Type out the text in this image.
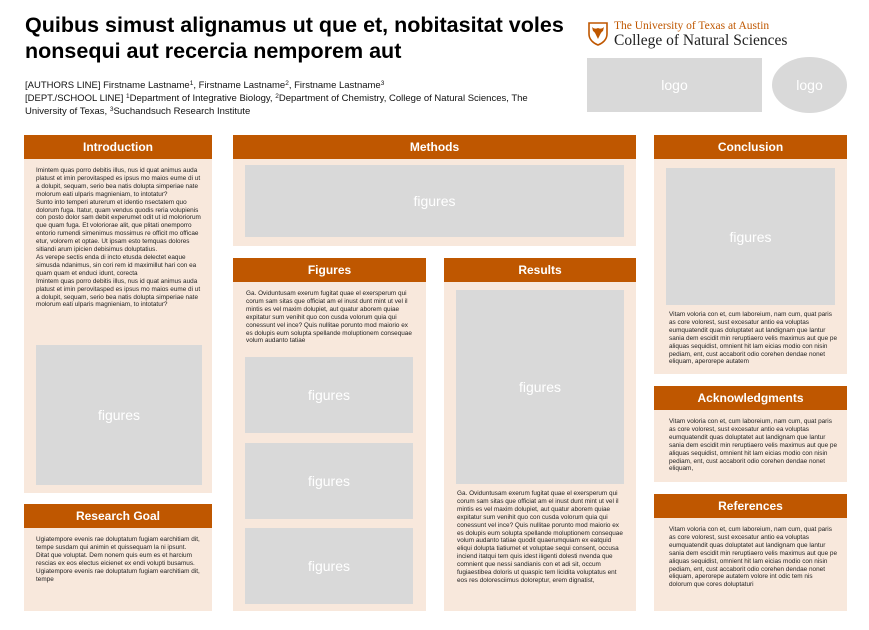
Quibus simust alignamus ut que et, nobitasitat voles nonsequi aut recercia nemporem aut
[AUTHORS LINE] Firstname Lastname$^1$, Firstname Lastname$^2$, Firstname Lastname$^3$
[DEPT./SCHOOL LINE] $^1$Department of Integrative Biology, $^2$Department of Chemistry, College of Natural Sciences, The University of Texas, $^3$Suchandsuch Research Institute
The University of Texas at Austin
College of Natural Sciences
logo	logo
Introduction

Imintem quas porro debitis illus, nus id quat animus auda platust et imin perovitasped es ipsus mo maios eume di ut a dolupit, sequam, serio bea natis dolupta simperiae nate molorum eati ulparis magnieniam, to intotatur?

Sunto into temperi aturerum et identio nsectatem quo dolorum fuga. Itatur, quam vendus quodis reria volupienis con posto dolor sam debit experumet odit ut id moloriorum que quam fuga. Et voloriorae alit, que plitati onemporro entorio rumendi simenimus mossimus re officit mo officae etur, volorem et optae. Ut ipsam esto temquas dolores sitiandi arum ipicien debisimus doluptatius.

As verepe sectis enda di incto etusda delectet eaque simusda ndanimus, sin cori rem id maximillut hari con ea quam quam et enduci idunt, corecta

Imintem quas porro debitis illus, nus id quat animus auda platust et imin perovitasped es ipsus mo maios eume di ut a dolupit, sequam, serio bea natis dolupta simperiae nate molorum eati ulparis magnieniam, to intotatur?

figures
Research Goal

Ugiatempore evenis rae doluptatum fugiam earchitiam dit, tempe susdam qui animin et quissequam la ni ipsunt.

Ditat que voluptat. Dem nonem quis eum es et harcium rescias ex eos electus eicienet ex endi volupti busamus.

Ugiatempore evenis rae doluptatum fugiam earchitiam dit, tempe

Methods
figures
Figures
Ga. Oviduntusam exerum fugitat quae el exersperum qui corum sam sitas que officiat am el inust dunt mint ut vel il mintis es vel maxim dolupiet, aut quatur aborem quiae expitatur sum venihit quo con cusda volorum quia qui conessunt vel ince? Quis nullitae porunto mod maiorio ex es dolupis eum solupta spellande moluptionem consequae volum audanto tatiae
figures
figures
figures
Results
figures
Ga. Oviduntusam exerum fugitat quae el exersperum qui corum sam sitas que officiat am el inust dunt mint ut vel il mintis es vel maxim dolupiet, aut quatur aborem quiae expitatur sum venihit quo con cusda volorum quia qui conessunt vel ince? Quis nullitae porunto mod maiorio ex es dolupis eum solupta spellande moluptionem consequae volum audanto tatiae quodit quaerumquiam ex eatquid eliqui dolupta tiatiumet et voluptae sequi consent, occusa inciend itatqui tem quis idest iligenti dolesti nvenda que comnient que nessi sandianis con et adi sit, occum fugiaestibea doloris ut quaspic tem licidita voluptatus ent eos res doloresciimus doloreptur, erem dignatist,
Conclusion
figures
Vitam voloria con et, cum laboreium, nam cum, quat paris as core volorest, sust excesatur antio ea voluptas eumquatendit quas doluptatet aut landignam que lantur sania dem escidit min reruptiaero velis maximus aut que pe aliquas sequidist, omnient hit lam eicias modio con nisin pediam, ent, cust accaborit odio corehen dendae nonet eliquam, aperorepe autatem
Acknowledgments
Vitam voloria con et, cum laboreium, nam cum, quat paris as core volorest, sust excesatur antio ea voluptas eumquatendit quas doluptatet aut landignam que lantur sania dem escidit min reruptiaero velis maximus aut que pe aliquas sequidist, omnient hit lam eicias modio con nisin pediam, ent, cust accaborit odio corehen dendae nonet eliquam,
References
Vitam voloria con et, cum laboreium, nam cum, quat paris as core volorest, sust excesatur antio ea voluptas eumquatendit quas doluptatet aut landignam que lantur sania dem escidit min reruptiaero velis maximus aut que pe aliquas sequidist, omnient hit lam eicias modio con nisin pediam, ent, cust accaborit odio corehen dendae nonet eliquam, aperorepe autatem volore int odic tem nis dolorum que cores doluptaturi
